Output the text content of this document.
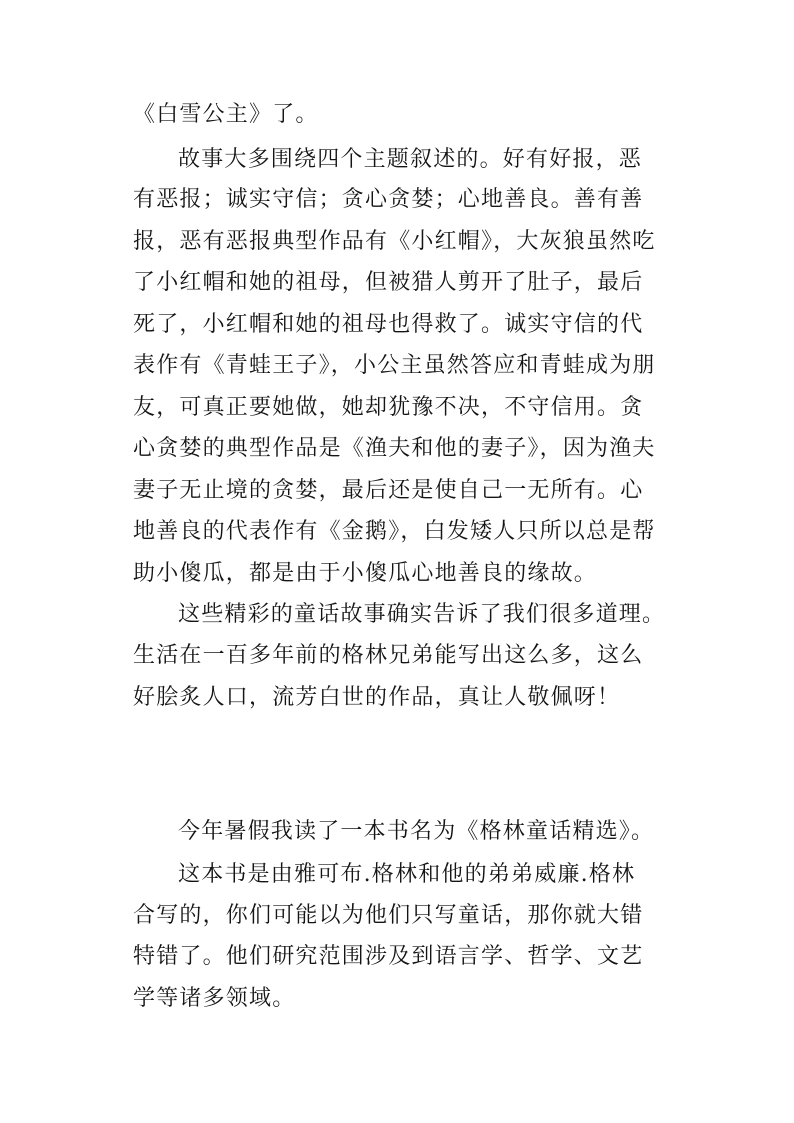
《白雪公主》了。
故事大多围绕四个主题叙述的。好有好报，恶
有恶报；诚实守信；贪心贪婪；心地善良。善有善
报，恶有恶报典型作品有《小红帽》，大灰狼虽然吃
了小红帽和她的祖母，但被猎人剪开了肚子，最后
死了，小红帽和她的祖母也得救了。诚实守信的代
表作有《青蛙王子》，小公主虽然答应和青蛙成为朋
友，可真正要她做，她却犹豫不决，不守信用。贪
心贪婪的典型作品是《渔夫和他的妻子》，因为渔夫
妻子无止境的贪婪，最后还是使自己一无所有。心
地善良的代表作有《金鹅》，白发矮人只所以总是帮
助小傻瓜，都是由于小傻瓜心地善良的缘故。
这些精彩的童话故事确实告诉了我们很多道理。
生活在一百多年前的格林兄弟能写出这么多，这么
好脍炙人口，流芳白世的作品，真让人敬佩呀！
今年暑假我读了一本书名为《格林童话精选》。
这本书是由雅可布.格林和他的弟弟威廉.格林
合写的，你们可能以为他们只写童话，那你就大错
特错了。他们研究范围涉及到语言学、哲学、文艺
学等诸多领域。
